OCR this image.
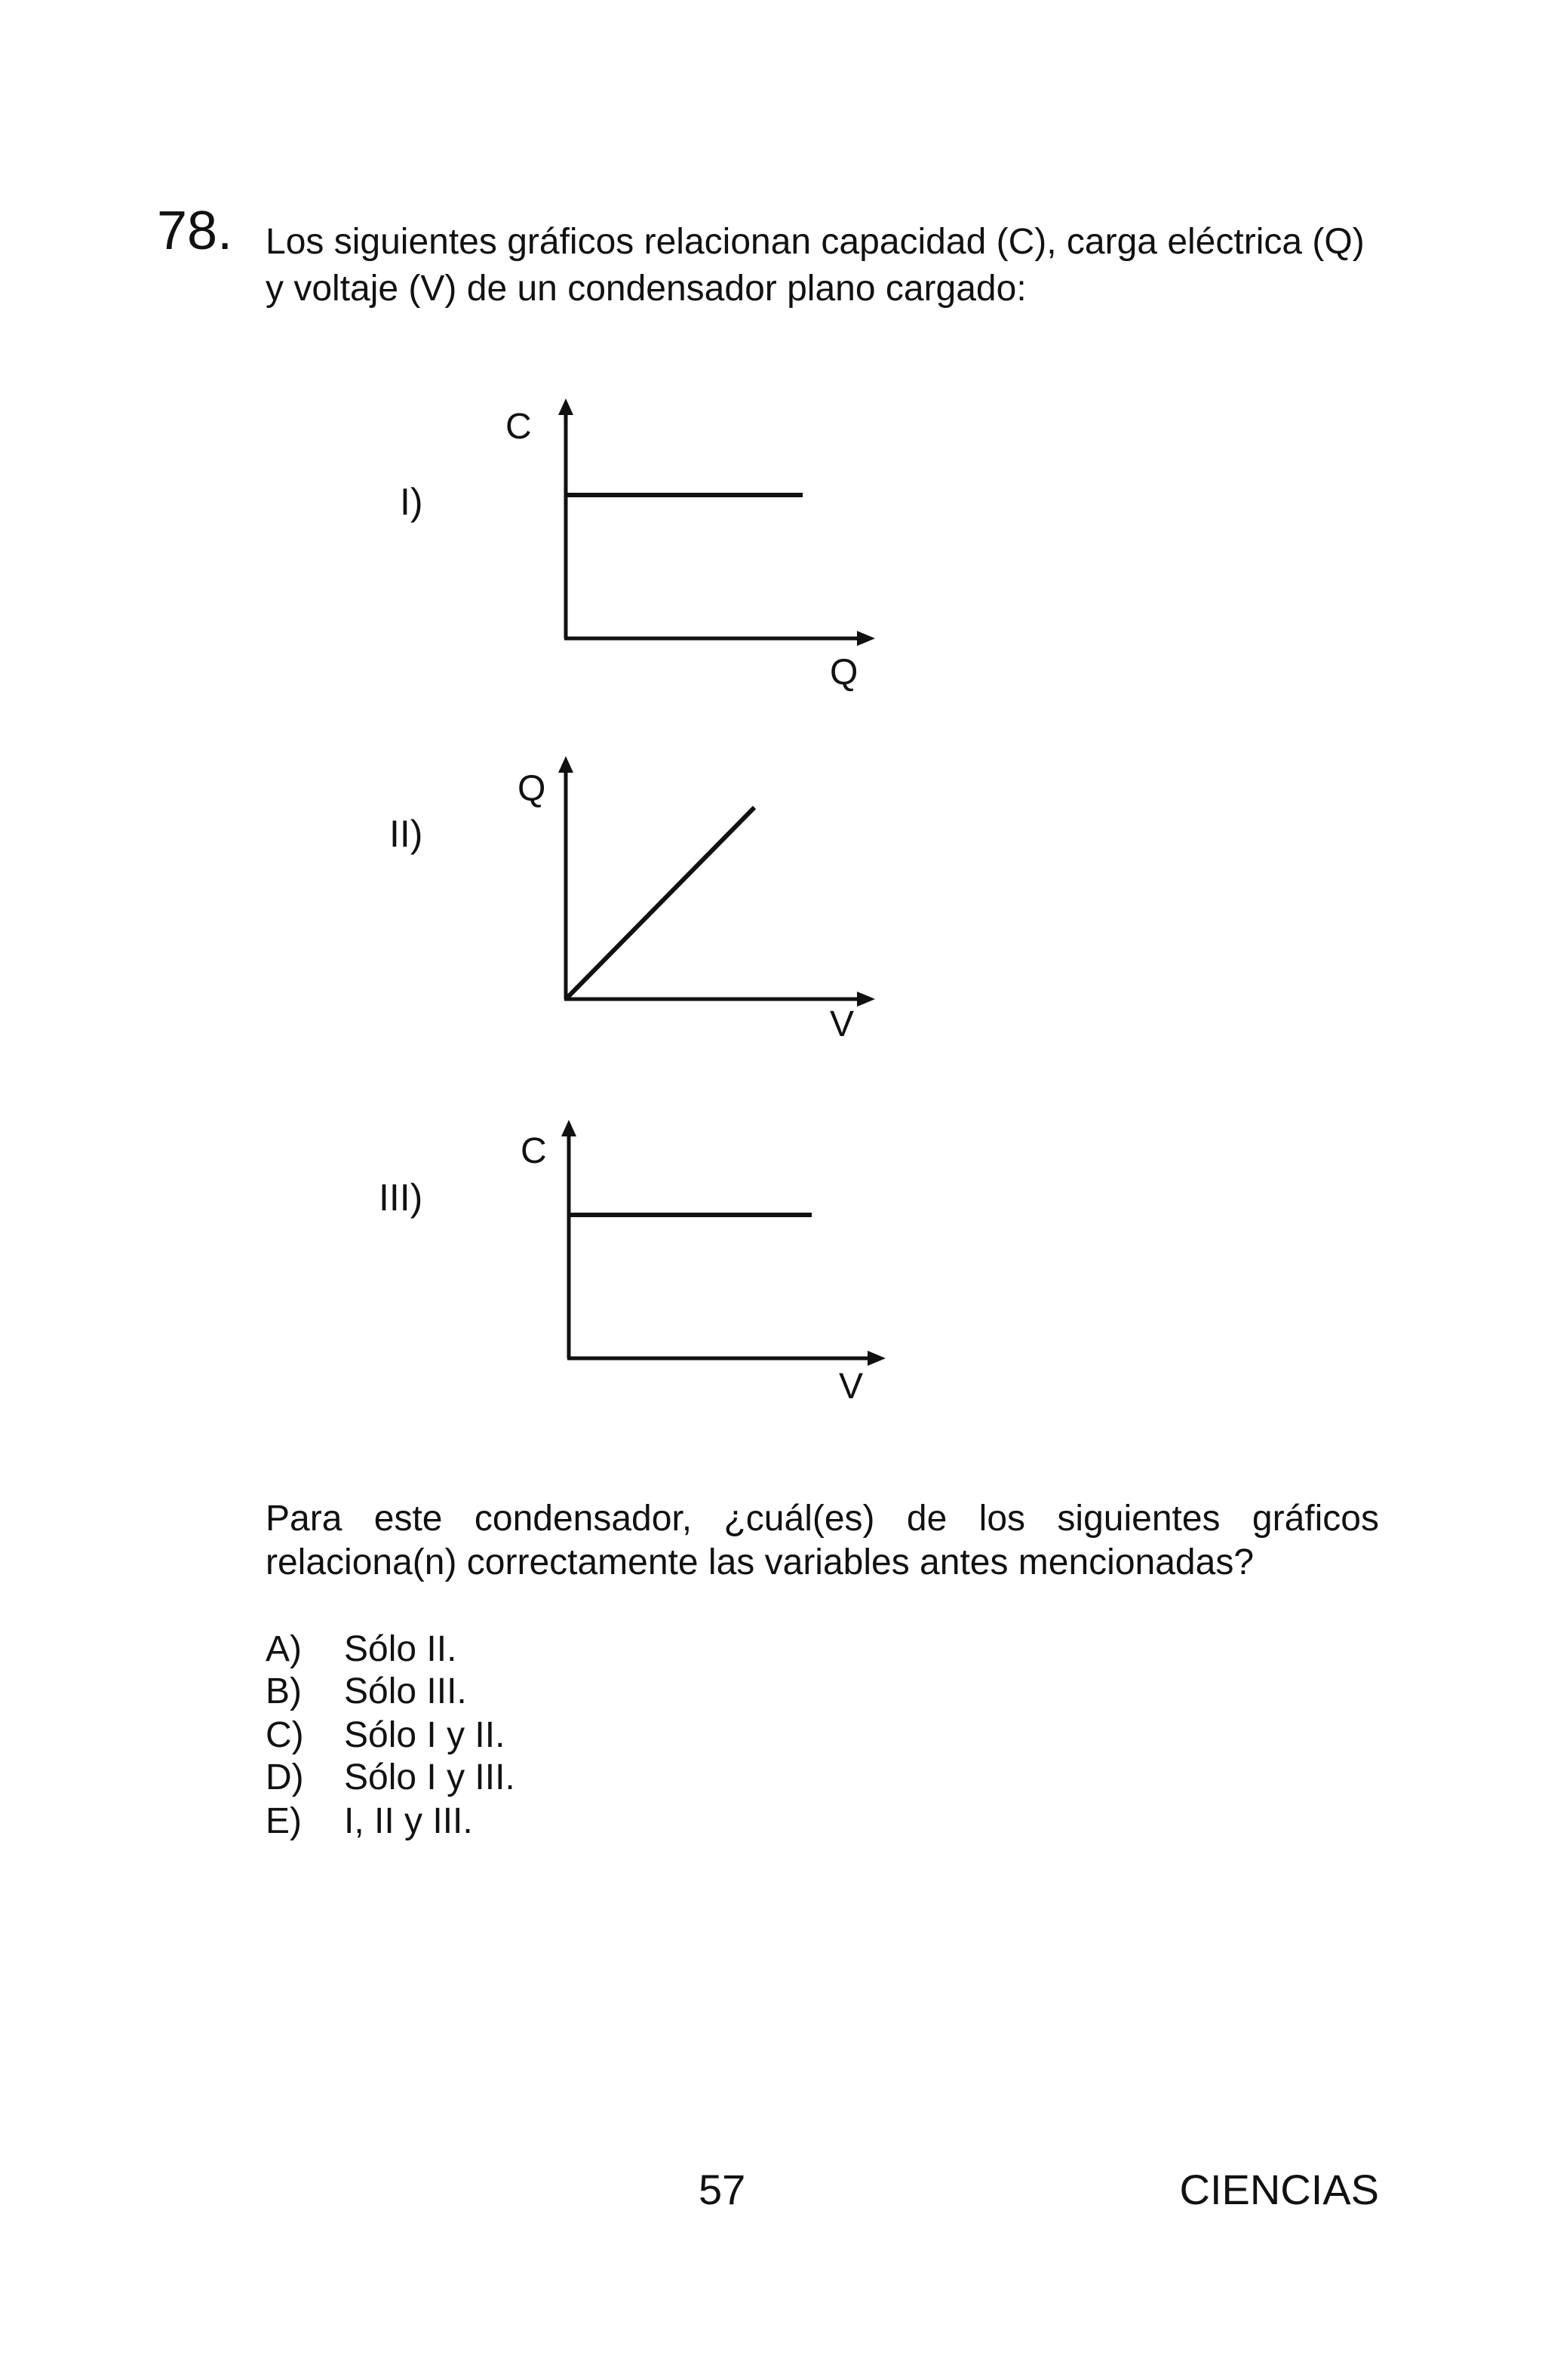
78. Los siguientes gráficos relacionan capacidad (C), carga eléctrica (Q) y voltaje (V) de un condensador plano cargado:
I)
C
Q
II)
Q
V
III)
C
V
Para este condensador, ¿cuál(es) de los siguientes gráficos relaciona(n) correctamente las variables antes mencionadas?
A) Sólo II.
B) Sólo III.
C) Sólo I y II.
D) Sólo I y III.
E) I, II y III.
57	CIENCIAS
